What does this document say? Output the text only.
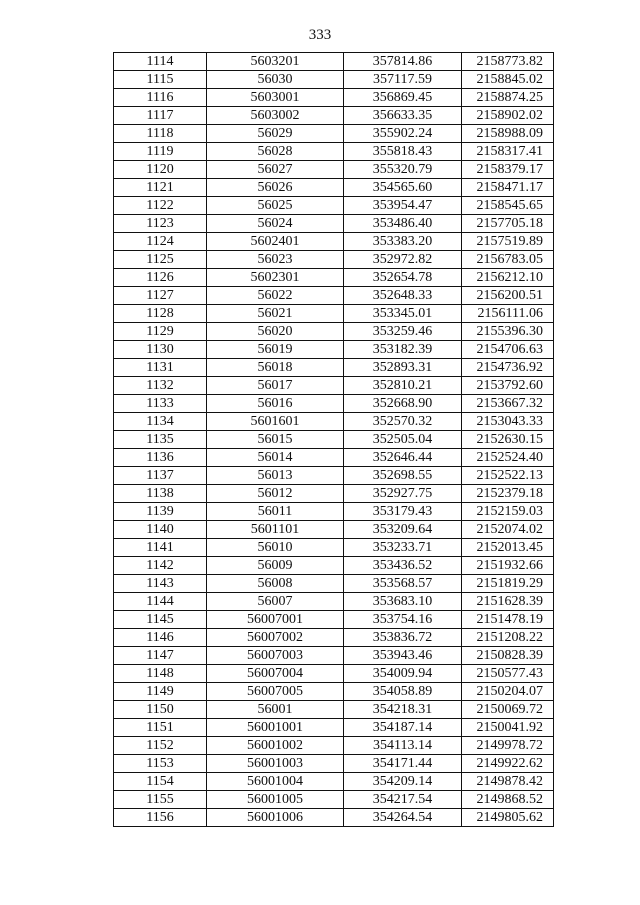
333
1114	5603201	357814.86	2158773.82
1115	56030	357117.59	2158845.02
1116	5603001	356869.45	2158874.25
1117	5603002	356633.35	2158902.02
1118	56029	355902.24	2158988.09
1119	56028	355818.43	2158317.41
1120	56027	355320.79	2158379.17
1121	56026	354565.60	2158471.17
1122	56025	353954.47	2158545.65
1123	56024	353486.40	2157705.18
1124	5602401	353383.20	2157519.89
1125	56023	352972.82	2156783.05
1126	5602301	352654.78	2156212.10
1127	56022	352648.33	2156200.51
1128	56021	353345.01	2156111.06
1129	56020	353259.46	2155396.30
1130	56019	353182.39	2154706.63
1131	56018	352893.31	2154736.92
1132	56017	352810.21	2153792.60
1133	56016	352668.90	2153667.32
1134	5601601	352570.32	2153043.33
1135	56015	352505.04	2152630.15
1136	56014	352646.44	2152524.40
1137	56013	352698.55	2152522.13
1138	56012	352927.75	2152379.18
1139	56011	353179.43	2152159.03
1140	5601101	353209.64	2152074.02
1141	56010	353233.71	2152013.45
1142	56009	353436.52	2151932.66
1143	56008	353568.57	2151819.29
1144	56007	353683.10	2151628.39
1145	56007001	353754.16	2151478.19
1146	56007002	353836.72	2151208.22
1147	56007003	353943.46	2150828.39
1148	56007004	354009.94	2150577.43
1149	56007005	354058.89	2150204.07
1150	56001	354218.31	2150069.72
1151	56001001	354187.14	2150041.92
1152	56001002	354113.14	2149978.72
1153	56001003	354171.44	2149922.62
1154	56001004	354209.14	2149878.42
1155	56001005	354217.54	2149868.52
1156	56001006	354264.54	2149805.62
